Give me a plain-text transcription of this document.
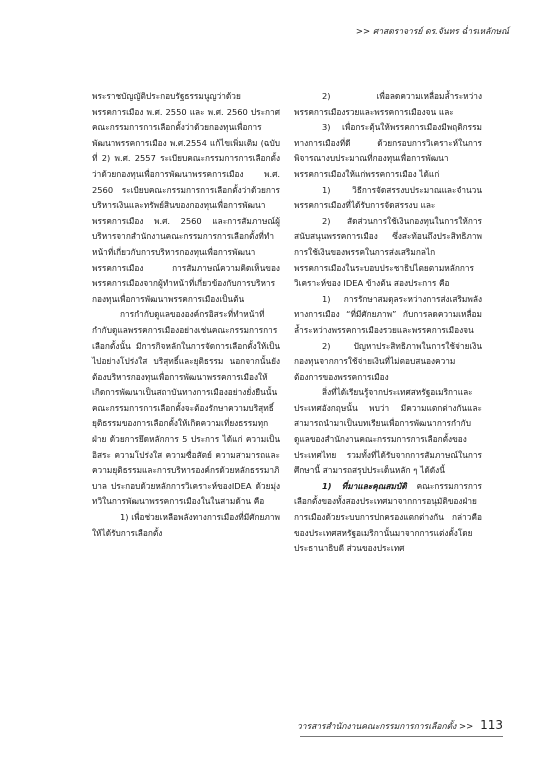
>> ศาสตราจารย์ ดร.จันทร ฉ่ำรเหลักษณ์

พระราชบัญญัติประกอบรัฐธรรมนูญว่าด้วยพรรคการเมือง พ.ศ. 2550 และ พ.ศ. 2560 ประกาศคณะกรรมการการเลือกตั้งว่าด้วยกองทุนเพื่อการพัฒนาพรรคการเมือง พ.ศ.2554 แก้ไขเพิ่มเติม (ฉบับที่ 2) พ.ศ. 2557 ระเบียบคณะกรรมการการเลือกตั้งว่าด้วยกองทุนเพื่อการพัฒนาพรรคการเมือง พ.ศ. 2560 ระเบียบคณะกรรมการการเลือกตั้งว่าด้วยการบริหารเงินและทรัพย์สินของกองทุนเพื่อการพัฒนาพรรคการเมือง พ.ศ. 2560 และการสัมภาษณ์ผู้บริหารจากสำนักงานคณะกรรมการการเลือกตั้งที่ทำหน้าที่เกี่ยวกับการบริหารกองทุนเพื่อการพัฒนาพรรคการเมือง การสัมภาษณ์ความคิดเห็นของพรรคการเมืองจากผู้ทำหน้าที่เกี่ยวข้องกับการบริหารกองทุนเพื่อการพัฒนาพรรคการเมืองเป็นต้น

การกำกับดูแลขององค์กรอิสระที่ทำหน้าที่กำกับดูแลพรรคการเมืองอย่างเช่นคณะกรรมการการเลือกตั้งนั้น มีการกิจหลักในการจัดการเลือกตั้งให้เป็นไปอย่างโปร่งใส บริสุทธิ์และยุติธรรม นอกจากนั้นยังต้องบริหารกองทุนเพื่อการพัฒนาพรรคการเมืองให้เกิดการพัฒนาเป็นสถาบันทางการเมืองอย่างยั่งยืนนั้น คณะกรรมการการเลือกตั้งจะต้องรักษาความบริสุทธิ์ยุติธรรมของการเลือกตั้งให้เกิดความเที่ยงธรรมทุกฝ่าย ด้วยการยึดหลักการ 5 ประการ ได้แก่ ความเป็นอิสระ ความโปร่งใส ความซื่อสัตย์ ความสามารถและความยุติธรรมและการบริหารองค์กรด้วยหลักธรรมาภิบาล ประกอบด้วยหลักการวิเคราะห์ของIDEA ด้วยมุ่งทวิในการพัฒนาพรรคการเมืองในในสามด้าน คือ

1) เพื่อช่วยเหลือพลังทางการเมืองที่มีศักยภาพให้ได้รับการเลือกตั้ง

2) เพื่อลดความเหลื่อมล้ำระหว่างพรรคการเมืองรวยและพรรคการเมืองจน และ

3) เพื่อกระตุ้นให้พรรคการเมืองมีพฤติกรรมทางการเมืองที่ดี ด้วยกรอบการวิเคราะห์ในการพิจารณางบประมาณที่กองทุนเพื่อการพัฒนาพรรคการเมืองให้แก่พรรคการเมือง ได้แก่

1) วิธีการจัดสรรงบประมาณและจำนวนพรรคการเมืองที่ได้รับการจัดสรรงบ และ

2) สัดส่วนการใช้เงินกองทุนในการให้การสนับสนุนพรรคการเมือง ซึ่งสะท้อนถึงประสิทธิภาพการใช้เงินของพรรคในการส่งเสริมกลไกพรรคการเมืองในระบอบประชาธิปไตยตามหลักการวิเคราะห์ของ IDEA ข้างต้น สองประการ คือ

1) การรักษาสมดุลระหว่างการส่งเสริมพลังทางการเมือง “ที่มีศักยภาพ” กับการลดความเหลื่อมล้ำระหว่างพรรคการเมืองรวยและพรรคการเมืองจน

2) ปัญหาประสิทธิภาพในการใช้จ่ายเงินกองทุนจากการใช้จ่ายเงินที่ไม่ตอบสนองความต้องการของพรรคการเมือง

สิ่งที่ได้เรียนรู้จากประเทศสหรัฐอเมริกาและประเทศอังกฤษนั้น พบว่า มีความแตกต่างกันและสามารถนำมาเป็นบทเรียนเพื่อการพัฒนาการกำกับดูแลของสำนักงานคณะกรรมการการเลือกตั้งของประเทศไทย รวมทั้งที่ได้รับจากการสัมภาษณ์ในการศึกษานี้ สามารถสรุปประเด็นหลัก ๆ ได้ดังนี้

1) ที่มาและคุณสมบัติ คณะกรรมการการเลือกตั้งของทั้งสองประเทศมาจากการอนุมัติของฝ่ายการเมืองด้วยระบบการปกครองแตกต่างกัน กล่าวคือ ของประเทศสหรัฐอเมริกานั้นมาจากการแต่งตั้งโดยประธานาธิบดี ส่วนของประเทศ

วารสารสำนักงานคณะกรรมการการเลือกตั้ง >> 113
